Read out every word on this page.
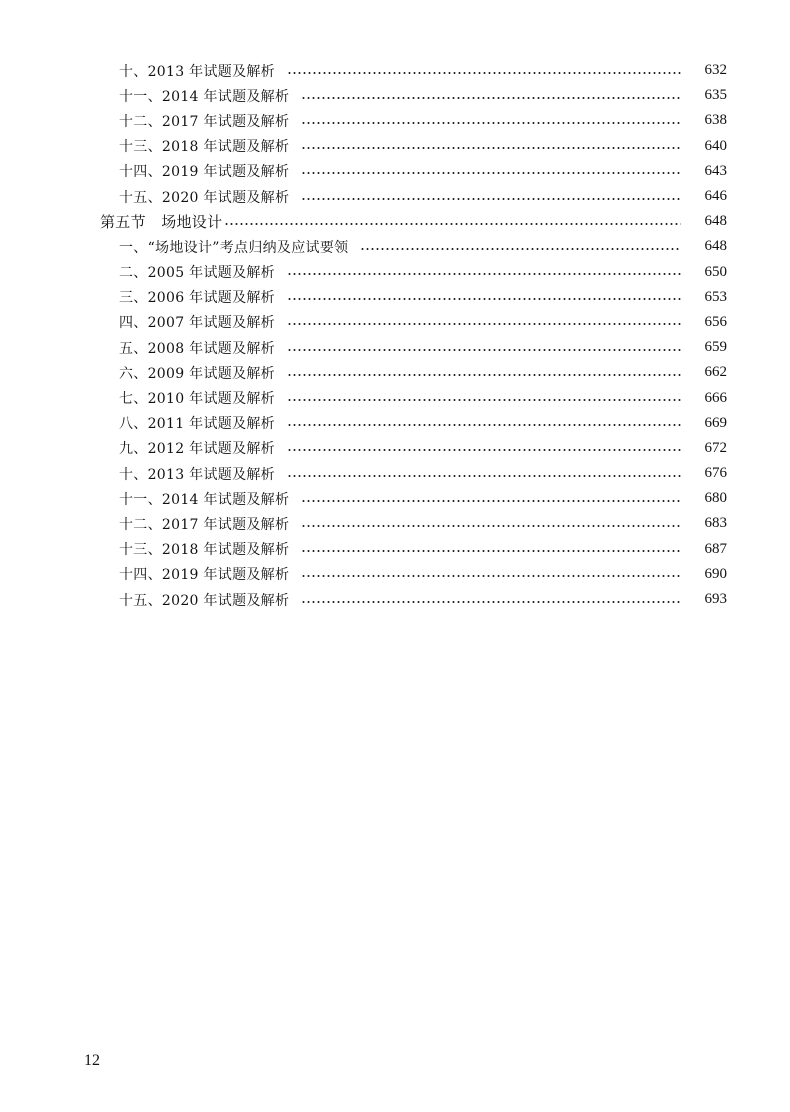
十、2013 年试题及解析	632
十一、2014 年试题及解析	635
十二、2017 年试题及解析	638
十三、2018 年试题及解析	640
十四、2019 年试题及解析	643
十五、2020 年试题及解析	646
第五节　场地设计	648
一、“场地设计”考点归纳及应试要领	648
二、2005 年试题及解析	650
三、2006 年试题及解析	653
四、2007 年试题及解析	656
五、2008 年试题及解析	659
六、2009 年试题及解析	662
七、2010 年试题及解析	666
八、2011 年试题及解析	669
九、2012 年试题及解析	672
十、2013 年试题及解析	676
十一、2014 年试题及解析	680
十二、2017 年试题及解析	683
十三、2018 年试题及解析	687
十四、2019 年试题及解析	690
十五、2020 年试题及解析	693
12
